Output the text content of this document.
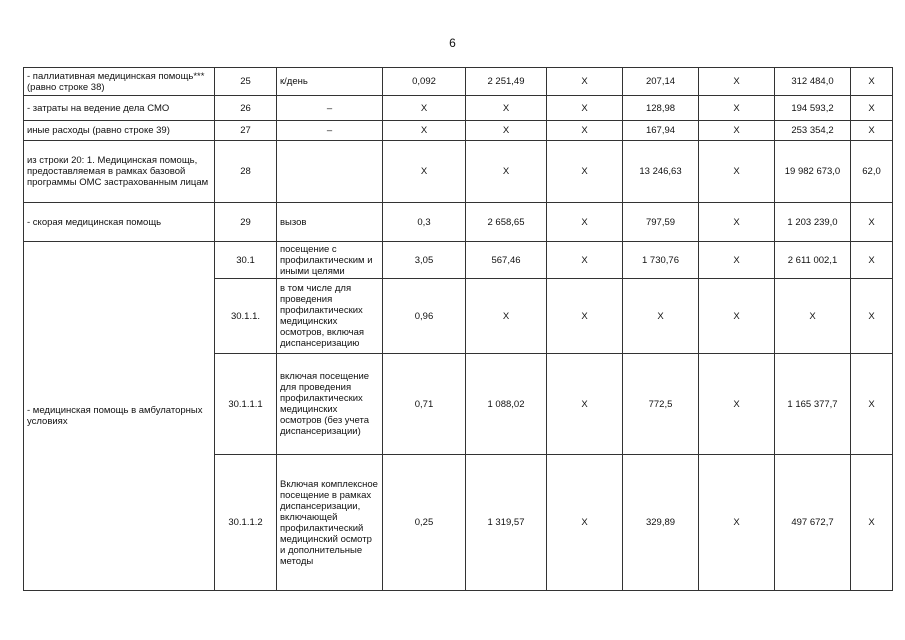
6
- паллиативная медицинская помощь*** (равно строке 38)	25	к/день	0,092	2 251,49	X	207,14	X	312 484,0	X
- затраты на ведение дела СМО	26	–	X	X	X	128,98	X	194 593,2	X
иные расходы (равно строке 39)	27	–	X	X	X	167,94	X	253 354,2	X
из строки 20: 1. Медицинская помощь, предоставляемая в рамках базовой программы ОМС застрахованным лицам	28		X	X	X	13 246,63	X	19 982 673,0	62,0
- скорая медицинская помощь	29	вызов	0,3	2 658,65	X	797,59	X	1 203 239,0	X
- медицинская помощь в амбулаторных условиях	30.1	посещение с профилактическим и иными целями	3,05	567,46	X	1 730,76	X	2 611 002,1	X
	30.1.1.	в том числе для проведения профилактических медицинских осмотров, включая диспансеризацию	0,96	X	X	X	X	X	X
	30.1.1.1	включая посещение для проведения профилактических медицинских осмотров (без учета диспансеризации)	0,71	1 088,02	X	772,5	X	1 165 377,7	X
	30.1.1.2	Включая комплексное посещение в рамках диспансеризации, включающей профилактический медицинский осмотр и дополнительные методы	0,25	1 319,57	X	329,89	X	497 672,7	X
